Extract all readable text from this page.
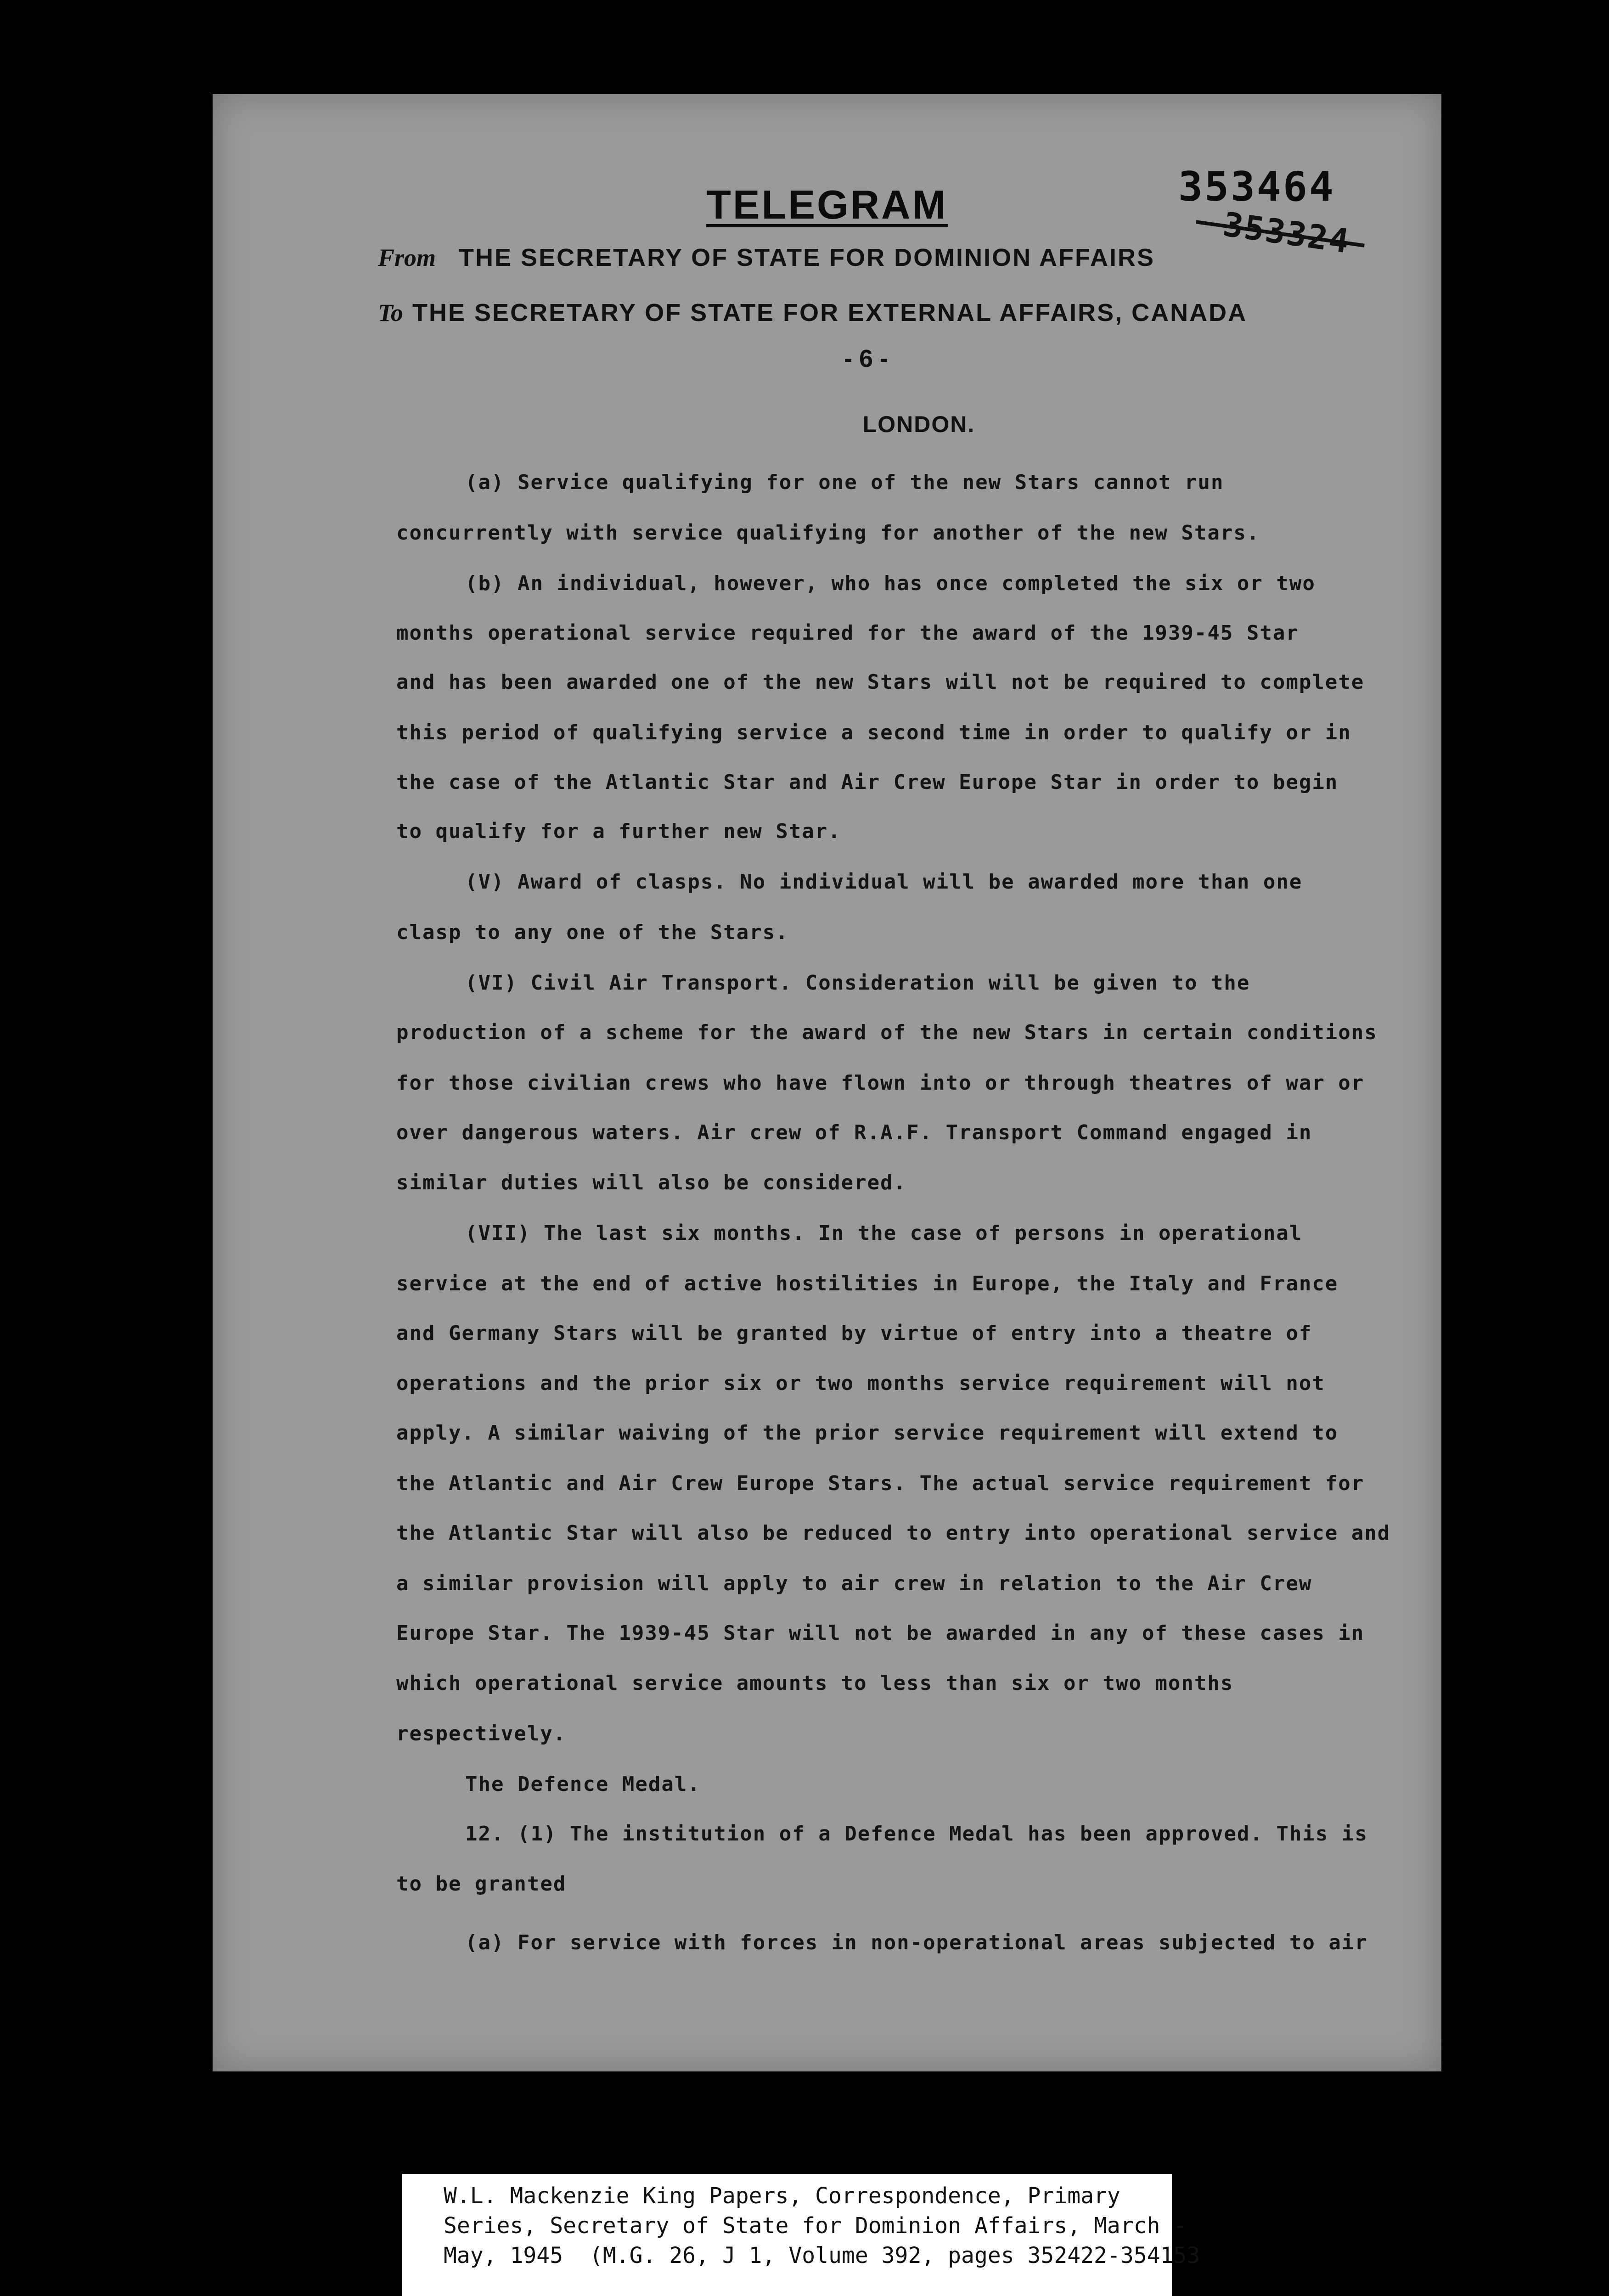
353464
353324
TELEGRAM
From THE SECRETARY OF STATE FOR DOMINION AFFAIRS
To THE SECRETARY OF STATE FOR EXTERNAL AFFAIRS, CANADA
- 6 -
LONDON.
(a) Service qualifying for one of the new Stars cannot run
concurrently with service qualifying for another of the new Stars.
(b) An individual, however, who has once completed the six or two
months operational service required for the award of the 1939-45 Star
and has been awarded one of the new Stars will not be required to complete
this period of qualifying service a second time in order to qualify or in
the case of the Atlantic Star and Air Crew Europe Star in order to begin
to qualify for a further new Star.
(V) Award of clasps. No individual will be awarded more than one
clasp to any one of the Stars.
(VI) Civil Air Transport. Consideration will be given to the
production of a scheme for the award of the new Stars in certain conditions
for those civilian crews who have flown into or through theatres of war or
over dangerous waters. Air crew of R.A.F. Transport Command engaged in
similar duties will also be considered.
(VII) The last six months. In the case of persons in operational
service at the end of active hostilities in Europe, the Italy and France
and Germany Stars will be granted by virtue of entry into a theatre of
operations and the prior six or two months service requirement will not
apply. A similar waiving of the prior service requirement will extend to
the Atlantic and Air Crew Europe Stars. The actual service requirement for
the Atlantic Star will also be reduced to entry into operational service and
a similar provision will apply to air crew in relation to the Air Crew
Europe Star. The 1939-45 Star will not be awarded in any of these cases in
which operational service amounts to less than six or two months
respectively.
The Defence Medal.
12. (1) The institution of a Defence Medal has been approved. This is
to be granted
(a) For service with forces in non-operational areas subjected to air
W.L. Mackenzie King Papers, Correspondence, Primary
Series, Secretary of State for Dominion Affairs, March -
May, 1945  (M.G. 26, J 1, Volume 392, pages 352422-354153
